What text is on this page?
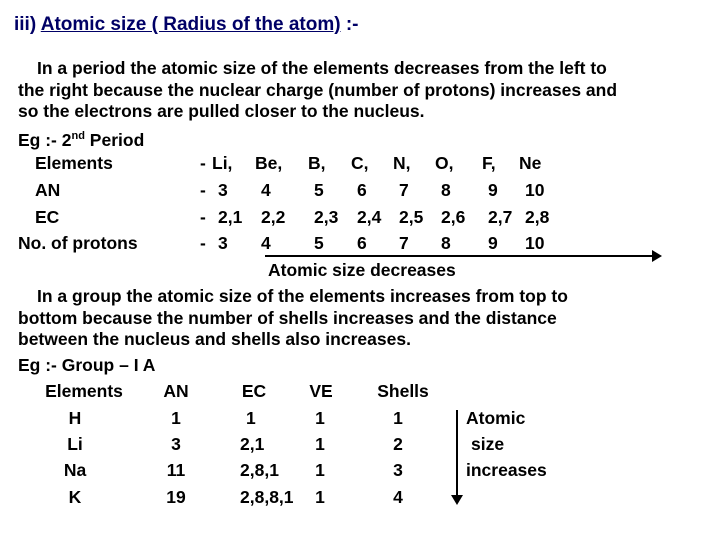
iii) Atomic size ( Radius of the atom) :-
In a period the atomic size of the elements decreases from the left to
the right because the nuclear charge (number of protons) increases and
so the electrons are pulled closer to the nucleus.
Eg :- 2nd Period
Elements	- Li, Be, B, C, N, O, F, Ne
AN	- 3 4 5 6 7 8 9 10
EC	- 2,1 2,2 2,3 2,4 2,5 2,6 2,7 2,8
No. of protons	- 3 4 5 6 7 8 9 10
Atomic size decreases
In a group the atomic size of the elements increases from top to
bottom because the number of shells increases and the distance
between the nucleus and shells also increases.
Eg :- Group – I A
Elements AN	EC VE	Shells
H	1	1	1	1
Li	3	2,1	1	2
Na	11	2,8,1 1	3
K	19	2,8,8,1 1	4
Atomic
size
increases
